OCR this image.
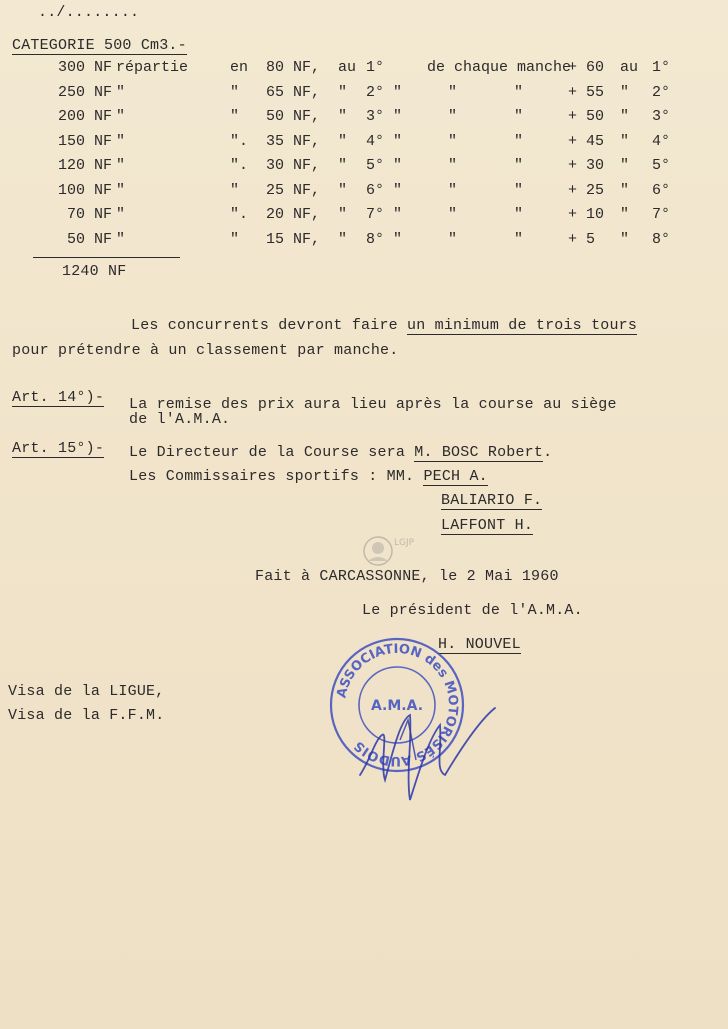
../........
CATEGORIE 500 Cm3.-
300 NF répartie	en 80 NF, au 1°	de chaque manche
+ 60 au 1°
250 NF "	" 65 NF, " 2° "	"	"	+ 55 " 2°
200 NF "	" 50 NF, " 3° "	"	"	+ 50 " 3°
150 NF "	". 35 NF, " 4° "	"	"	+ 45 " 4°
120 NF "	". 30 NF, " 5° "	"	"	+ 30 " 5°
100 NF "	" 25 NF, " 6° "	"	"	+ 25 " 6°
70 NF "	". 20 NF, " 7° "	"	"	+ 10 " 7°
50 NF "	" 15 NF, " 8° "	"	"	+ 5 " 8°
1240 NF
Les concurrents devront faire un minimum de trois tours
pour prétendre à un classement par manche.
Art. 14°)- La remise des prix aura lieu après la course au siège
de l'A.M.A.
Art. 15°)- Le Directeur de la Course sera M. BOSC Robert.
Les Commissaires sportifs : MM. PECH A.
BALIARIO F.
LAFFONT H.
LGJP
Fait à CARCASSONNE, le 2 Mai 1960
Le président de l'A.M.A.
H. NOUVEL
Visa de la LIGUE,
Visa de la F.F.M.
ASSOCIATION des MOTORISÉS AUDOIS
A.M.A.
